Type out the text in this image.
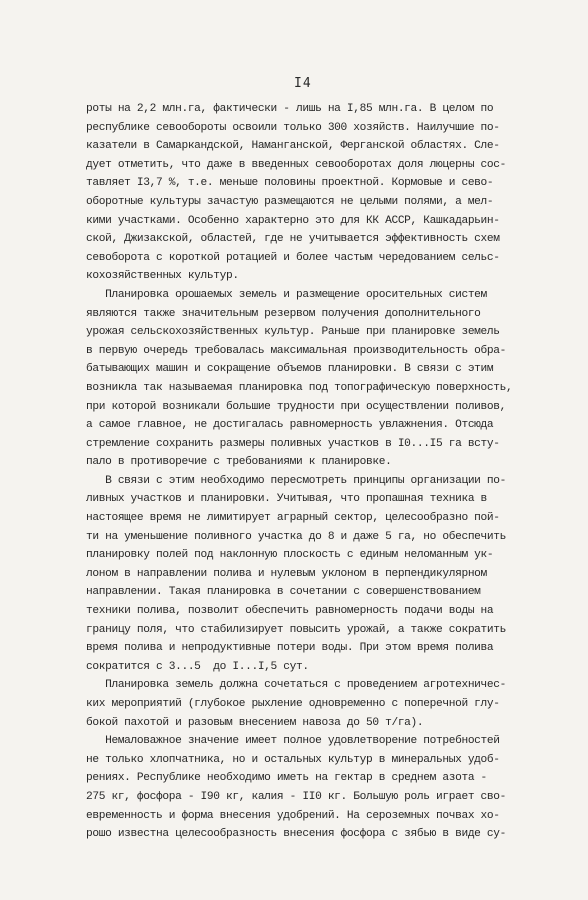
I4
роты на 2,2 млн.га, фактически - лишь на I,85 млн.га. В целом по
республике севообороты освоили только 300 хозяйств. Наилучшие по-
казатели в Самаркандской, Наманганской, Ферганской областях. Сле-
дует отметить, что даже в введенных севооборотах доля люцерны сос-
тавляет I3,7 %, т.е. меньше половины проектной. Кормовые и сево-
оборотные культуры зачастую размещаются не целыми полями, а мел-
кими участками. Особенно характерно это для КК АССР, Кашкадарьин-
ской, Джизакской, областей, где не учитывается эффективность схем
севоборота с короткой ротацией и более частым чередованием сельс-
кохозяйственных культур.
Планировка орошаемых земель и размещение оросительных систем
являются также значительным резервом получения дополнительного
урожая сельскохозяйственных культур. Раньше при планировке земель
в первую очередь требовалась максимальная производительность обра-
батывающих машин и сокращение объемов планировки. В связи с этим
возникла так называемая планировка под топографическую поверхность,
при которой возникали большие трудности при осуществлении поливов,
а самое главное, не достигалась равномерность увлажнения. Отсюда
стремление сохранить размеры поливных участков в I0...I5 га всту-
пало в противоречие с требованиями к планировке.
В связи с этим необходимо пересмотреть принципы организации по-
ливных участков и планировки. Учитывая, что пропашная техника в
настоящее время не лимитирует аграрный сектор, целесообразно пой-
ти на уменьшение поливного участка до 8 и даже 5 га, но обеспечить
планировку полей под наклонную плоскость с единым неломанным ук-
лоном в направлении полива и нулевым уклоном в перпендикулярном
направлении. Такая планировка в сочетании с совершенствованием
техники полива, позволит обеспечить равномерность подачи воды на
границу поля, что стабилизирует повысить урожай, а также сократить
время полива и непродуктивные потери воды. При этом время полива
сократится с 3...5  до I...I,5 сут.
Планировка земель должна сочетаться с проведением агротехничес-
ких мероприятий (глубокое рыхление одновременно с поперечной глу-
бокой пахотой и разовым внесением навоза до 50 т/га).
Немаловажное значение имеет полное удовлетворение потребностей
не только хлопчатника, но и остальных культур в минеральных удоб-
рениях. Республике необходимо иметь на гектар в среднем азота -
275 кг, фосфора - I90 кг, калия - II0 кг. Большую роль играет сво-
евременность и форма внесения удобрений. На сероземных почвах хо-
рошо известна целесообразность внесения фосфора с зябью в виде су-
